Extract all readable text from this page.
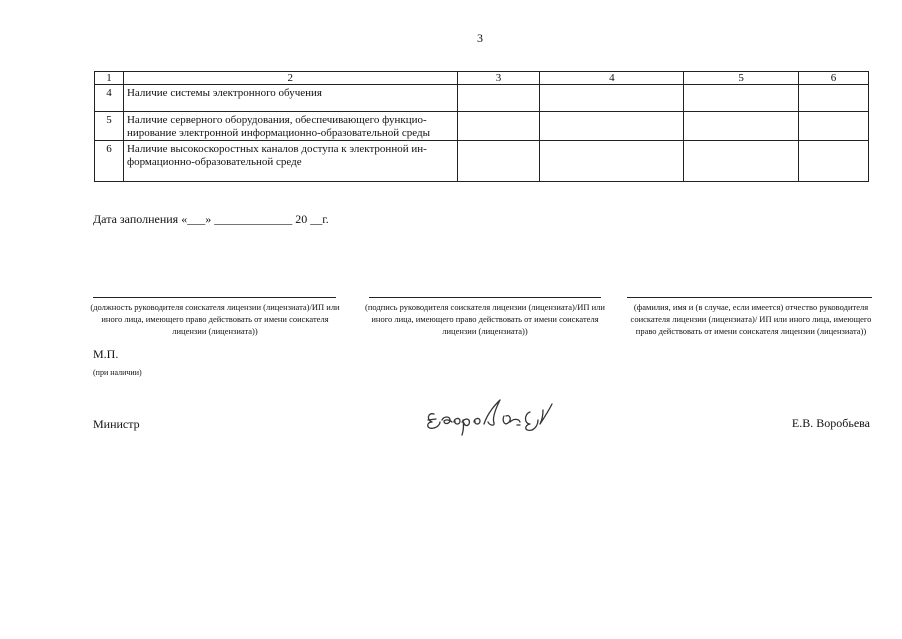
3
1	2	3	4	5	6
4	Наличие системы электронного обучения				
5	Наличие серверного оборудования, обеспечивающего функцио-нирование электронной информационно-образовательной среды				
6	Наличие высокоскоростных каналов доступа к электронной ин-формационно-образовательной среде				
Дата заполнения «___» _____________ 20 __г.
(должность руководителя соискателя лицензии (лицензиата)/ИП или иного лица, имеющего право действовать от имени соискателя лицензии (лицензиата))
(подпись руководителя соискателя лицензии (лицензиата)/ИП или иного лица, имеющего право действовать от имени соискателя лицензии (лицензиата))
(фамилия, имя и (в случае, если имеется) отчество руководителя соискателя лицензии (лицензиата)/ ИП или иного лица, имеющего право действовать от имени соискателя лицензии (лицензиата))
М.П.
(при наличии)
Министр	Е.В. Воробьева
